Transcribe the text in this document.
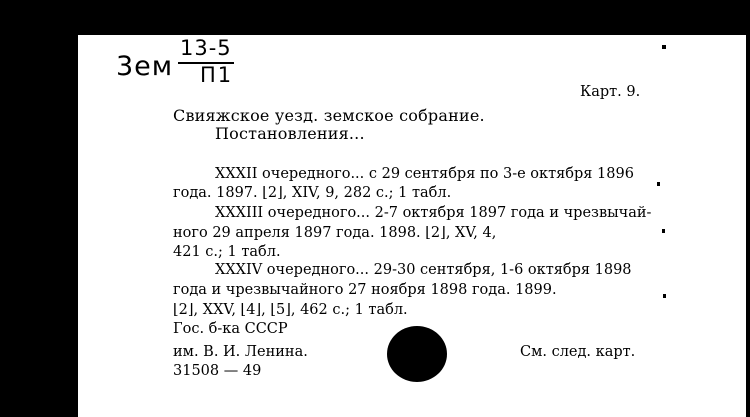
3ем
13-5
П1
Карт. 9.
Свияжское уезд. земское собрание.
Постановления...
XXXII очередного... с 29 сентября по 3-е октября 1896
года. 1897. ⌊2⌋, XIV, 9, 282 с.; 1 табл.
XXXIII очередного... 2-7 октября 1897 года и чрезвычай-
ного 29 апреля 1897 года. 1898. ⌊2⌋, XV, 4,
421 с.; 1 табл.
XXXIV очередного... 29-30 сентября, 1-6 октября 1898
года и чрезвычайного 27 ноября 1898 года. 1899.
⌊2⌋, XXV, ⌊4⌋, ⌊5⌋, 462 с.; 1 табл.
Гос. б-ка СССР
им. В. И. Ленина.
31508 — 49
См. след. карт.
